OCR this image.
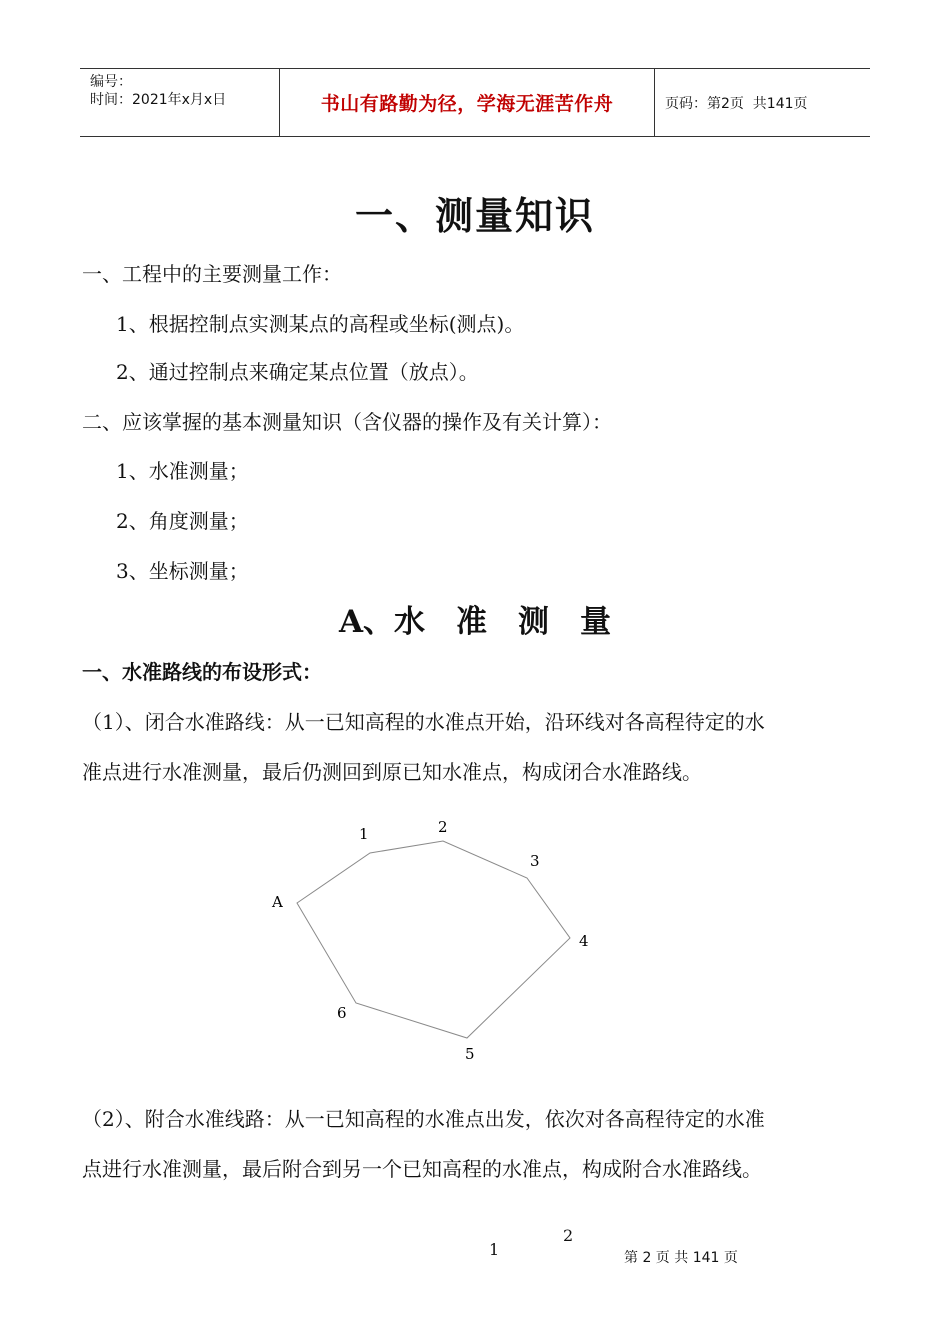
编号：
时间：2021年x月x日	书山有路勤为径，学海无涯苦作舟	页码：第2页  共141页
一、测量知识
一、工程中的主要测量工作：
1、根据控制点实测某点的高程或坐标(测点)。
2、通过控制点来确定某点位置（放点）。
二、应该掌握的基本测量知识（含仪器的操作及有关计算）：
1、水准测量；
2、角度测量；
3、坐标测量；
A、水　准　测　量
一、水准路线的布设形式：
（1）、闭合水准路线：从一已知高程的水准点开始，沿环线对各高程待定的水
准点进行水准测量，最后仍测回到原已知水准点，构成闭合水准路线。
A
1	2
3
4
5
6
（2）、附合水准线路：从一已知高程的水准点出发，依次对各高程待定的水准
点进行水准测量，最后附合到另一个已知高程的水准点，构成附合水准路线。
2
1	第 2 页 共 141 页
